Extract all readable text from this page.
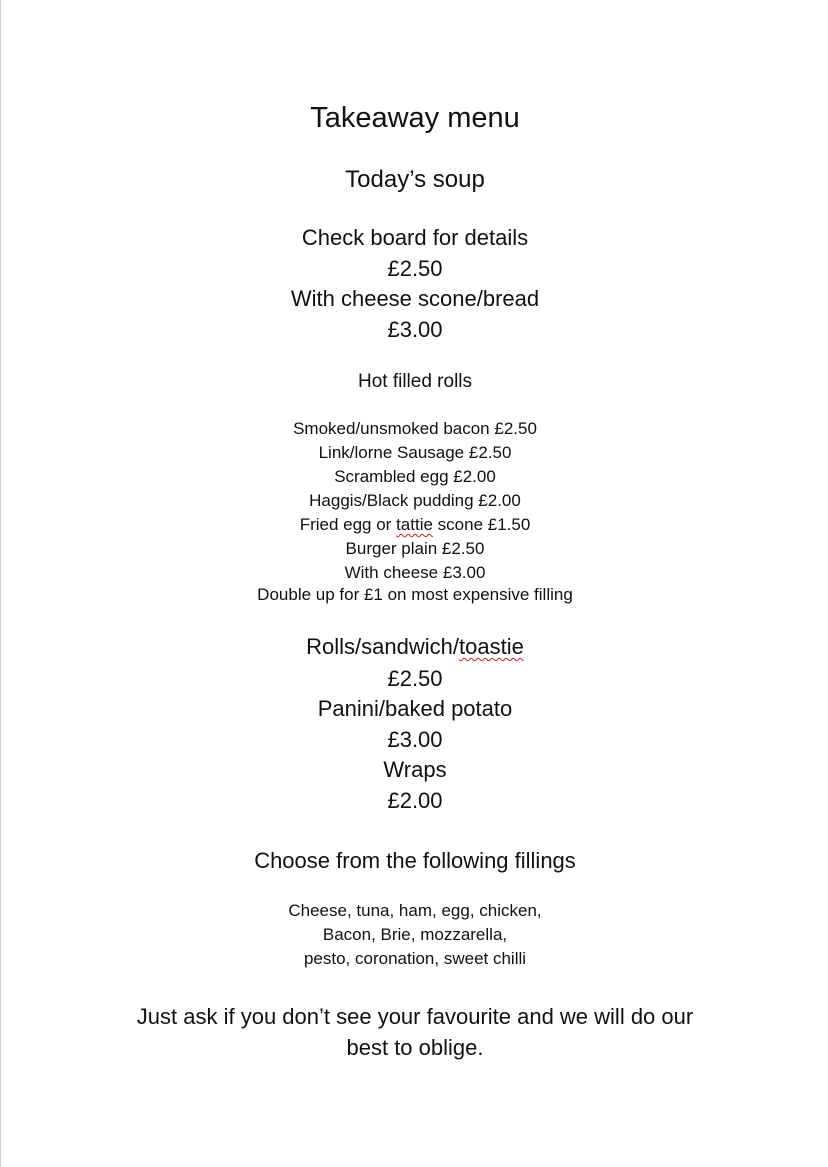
Takeaway menu
Today’s soup
Check board for details
£2.50
With cheese scone/bread
£3.00
Hot filled rolls
Smoked/unsmoked bacon £2.50
Link/lorne Sausage £2.50
Scrambled egg £2.00
Haggis/Black pudding £2.00
Fried egg or tattie scone £1.50
Burger plain £2.50
With cheese £3.00
Double up for £1 on most expensive filling
Rolls/sandwich/toastie
£2.50
Panini/baked potato
£3.00
Wraps
£2.00
Choose from the following fillings
Cheese, tuna, ham, egg, chicken,
Bacon, Brie, mozzarella,
pesto, coronation, sweet chilli
Just ask if you don’t see your favourite and we will do our
best to oblige.
